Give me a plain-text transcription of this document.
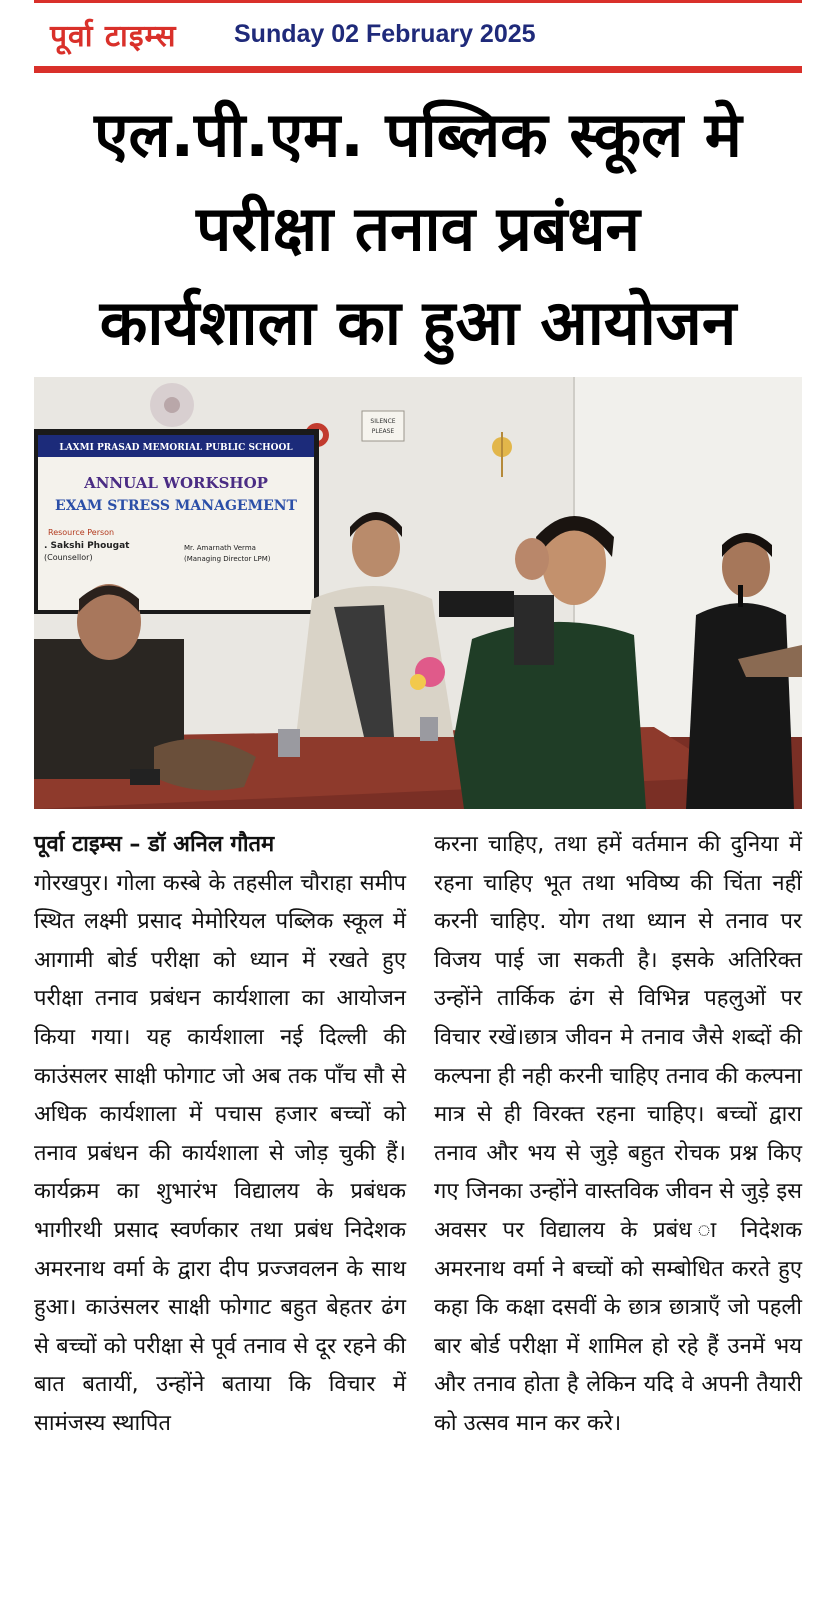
पूर्वा टाइम्स Sunday 02 February 2025
एल.पी.एम. पब्लिक स्कूल मे
परीक्षा तनाव प्रबंधन
कार्यशाला का हुआ आयोजन
SILENCE
PLEASE
LAXMI PRASAD MEMORIAL PUBLIC SCHOOL
ANNUAL WORKSHOP
EXAM STRESS MANAGEMENT
Resource Person
. Sakshi Phougat
(Counsellor)
Mr. Amarnath Verma
(Managing Director LPM)
पूर्वा टाइम्स – डॉ अनिल गौतम
गोरखपुर। गोला कस्बे के तहसील चौराहा समीप स्थित लक्ष्मी प्रसाद मेमोरियल पब्लिक स्कूल में आगामी बोर्ड परीक्षा को ध्यान में रखते हुए परीक्षा तनाव प्रबंधन कार्यशाला का आयोजन किया गया। यह कार्यशाला नई दिल्ली की काउंसलर साक्षी फोगाट जो अब तक पाँच सौ से अधिक कार्यशाला में पचास हजार बच्चों को तनाव प्रबंधन की कार्यशाला से जोड़ चुकी हैं। कार्यक्रम का शुभारंभ विद्यालय के प्रबंधक भागीरथी प्रसाद स्वर्णकार तथा प्रबंध निदेशक अमरनाथ वर्मा के द्वारा दीप प्रज्जवलन के साथ हुआ। काउंसलर साक्षी फोगाट बहुत बेहतर ढंग से बच्चों को परीक्षा से पूर्व तनाव से दूर रहने की बात बतायीं, उन्होंने बताया कि विचार में सामंजस्य स्थापित
करना चाहिए, तथा हमें वर्तमान की दुनिया में रहना चाहिए भूत तथा भविष्य की चिंता नहीं करनी चाहिए. योग तथा ध्यान से तनाव पर विजय पाई जा सकती है। इसके अतिरिक्त उन्होंने तार्किक ढंग से विभिन्न पहलुओं पर विचार रखें।छात्र जीवन मे तनाव जैसे शब्दों की कल्पना ही नही करनी चाहिए तनाव की कल्पना मात्र से ही विरक्त रहना चाहिए। बच्चों द्वारा तनाव और भय से जुड़े बहुत रोचक प्रश्न किए गए जिनका उन्होंने वास्तविक जीवन से जुड़े इस अवसर पर विद्यालय के प्रबंध ा निदेशक अमरनाथ वर्मा ने बच्चों को सम्बोधित करते हुए कहा कि कक्षा दसवीं के छात्र छात्राएँ जो पहली बार बोर्ड परीक्षा में शामिल हो रहे हैं उनमें भय और तनाव होता है लेकिन यदि वे अपनी तैयारी को उत्सव मान कर करे।
